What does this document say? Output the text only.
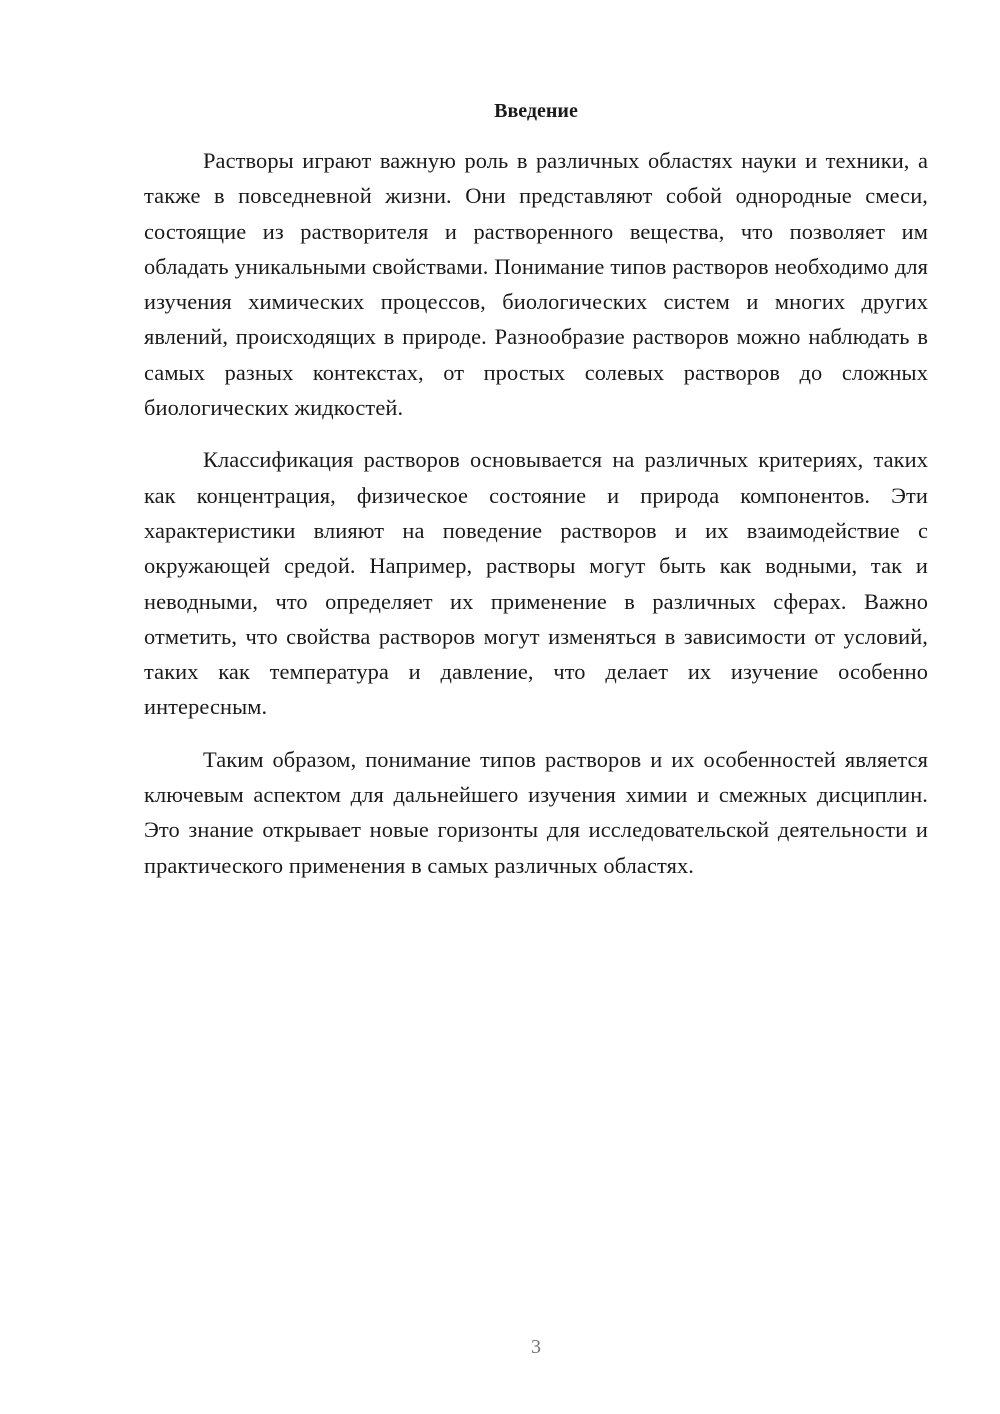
Введение

Растворы играют важную роль в различных областях науки и техники, а также в повседневной жизни. Они представляют собой однородные смеси, состоящие из растворителя и растворенного вещества, что позволяет им обладать уникальными свойствами. Понимание типов растворов необходимо для изучения химических процессов, биологических систем и многих других явлений, происходящих в природе. Разнообразие растворов можно наблюдать в самых разных контекстах, от простых солевых растворов до сложных биологических жидкостей.

Классификация растворов основывается на различных критериях, таких как концентрация, физическое состояние и природа компонентов. Эти характеристики влияют на поведение растворов и их взаимодействие с окружающей средой. Например, растворы могут быть как водными, так и неводными, что определяет их применение в различных сферах. Важно отметить, что свойства растворов могут изменяться в зависимости от условий, таких как температура и давление, что делает их изучение особенно интересным.

Таким образом, понимание типов растворов и их особенностей является ключевым аспектом для дальнейшего изучения химии и смежных дисциплин. Это знание открывает новые горизонты для исследовательской деятельности и практического применения в самых различных областях.

3
